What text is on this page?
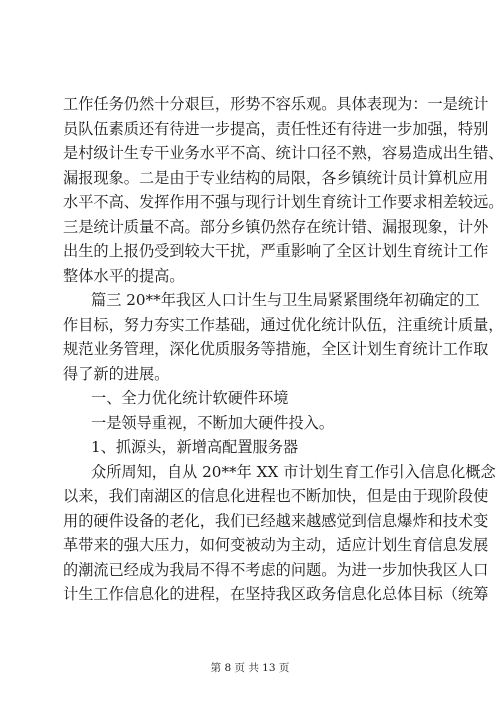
工作任务仍然十分艰巨，形势不容乐观。具体表现为：一是统计
员队伍素质还有待进一步提高，责任性还有待进一步加强，特别
是村级计生专干业务水平不高、统计口径不熟，容易造成出生错、
漏报现象。二是由于专业结构的局限，各乡镇统计员计算机应用
水平不高、发挥作用不强与现行计划生育统计工作要求相差较远。
三是统计质量不高。部分乡镇仍然存在统计错、漏报现象，计外
出生的上报仍受到较大干扰，严重影响了全区计划生育统计工作
整体水平的提高。
篇三 20**年我区人口计生与卫生局紧紧围绕年初确定的工
作目标，努力夯实工作基础，通过优化统计队伍，注重统计质量，
规范业务管理，深化优质服务等措施，全区计划生育统计工作取
得了新的进展。
一、全力优化统计软硬件环境
一是领导重视，不断加大硬件投入。
1、抓源头，新增高配置服务器
众所周知，自从 20**年 XX 市计划生育工作引入信息化概念
以来，我们南湖区的信息化进程也不断加快，但是由于现阶段使
用的硬件设备的老化，我们已经越来越感觉到信息爆炸和技术变
革带来的强大压力，如何变被动为主动，适应计划生育信息发展
的潮流已经成为我局不得不考虑的问题。为进一步加快我区人口
计生工作信息化的进程，在坚持我区政务信息化总体目标（统筹
第 8 页 共 13 页
